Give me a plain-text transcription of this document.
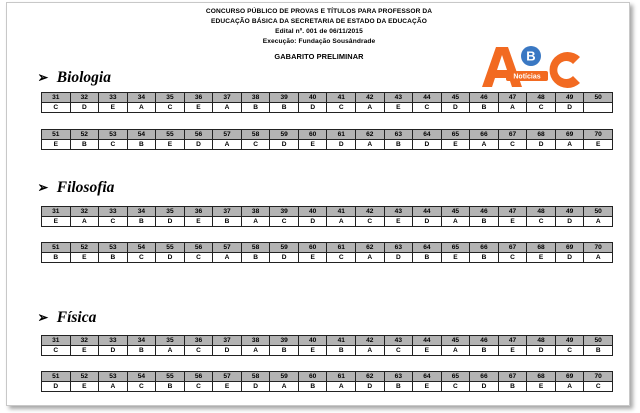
CONCURSO PÚBLICO DE PROVAS E TÍTULOS PARA PROFESSOR DA
EDUCAÇÃO BÁSICA DA SECRETARIA DE ESTADO DA EDUCAÇÃO
Edital nº. 001 de 06/11/2015
Execução: Fundação Sousândrade
GABARITO PRELIMINAR	B
Notícias
➢ Biologia
31	32	33	34	35	36	37	38	39	40	41	42	43	44	45	46	47	48	49	50
C	D	E	A	C	E	A	B	B	D	C	A	E	C	D	B	A	C	D	
51	52	53	54	55	56	57	58	59	60	61	62	63	64	65	66	67	68	69	70
E	B	C	B	E	D	A	C	D	E	D	A	B	D	E	A	C	D	A	E
➢ Filosofia
31	32	33	34	35	36	37	38	39	40	41	42	43	44	45	46	47	48	49	50
E	A	C	B	D	E	B	A	C	D	A	C	E	D	A	B	E	C	D	A
51	52	53	54	55	56	57	58	59	60	61	62	63	64	65	66	67	68	69	70
B	E	B	C	D	C	A	B	D	E	C	A	D	B	E	B	C	E	D	A
➢ Física
31	32	33	34	35	36	37	38	39	40	41	42	43	44	45	46	47	48	49	50
C	E	D	B	A	C	D	A	B	E	B	A	C	E	A	B	E	D	C	B
51	52	53	54	55	56	57	58	59	60	61	62	63	64	65	66	67	68	69	70
D	E	A	C	B	C	E	D	A	B	A	D	B	E	C	D	B	E	A	C
